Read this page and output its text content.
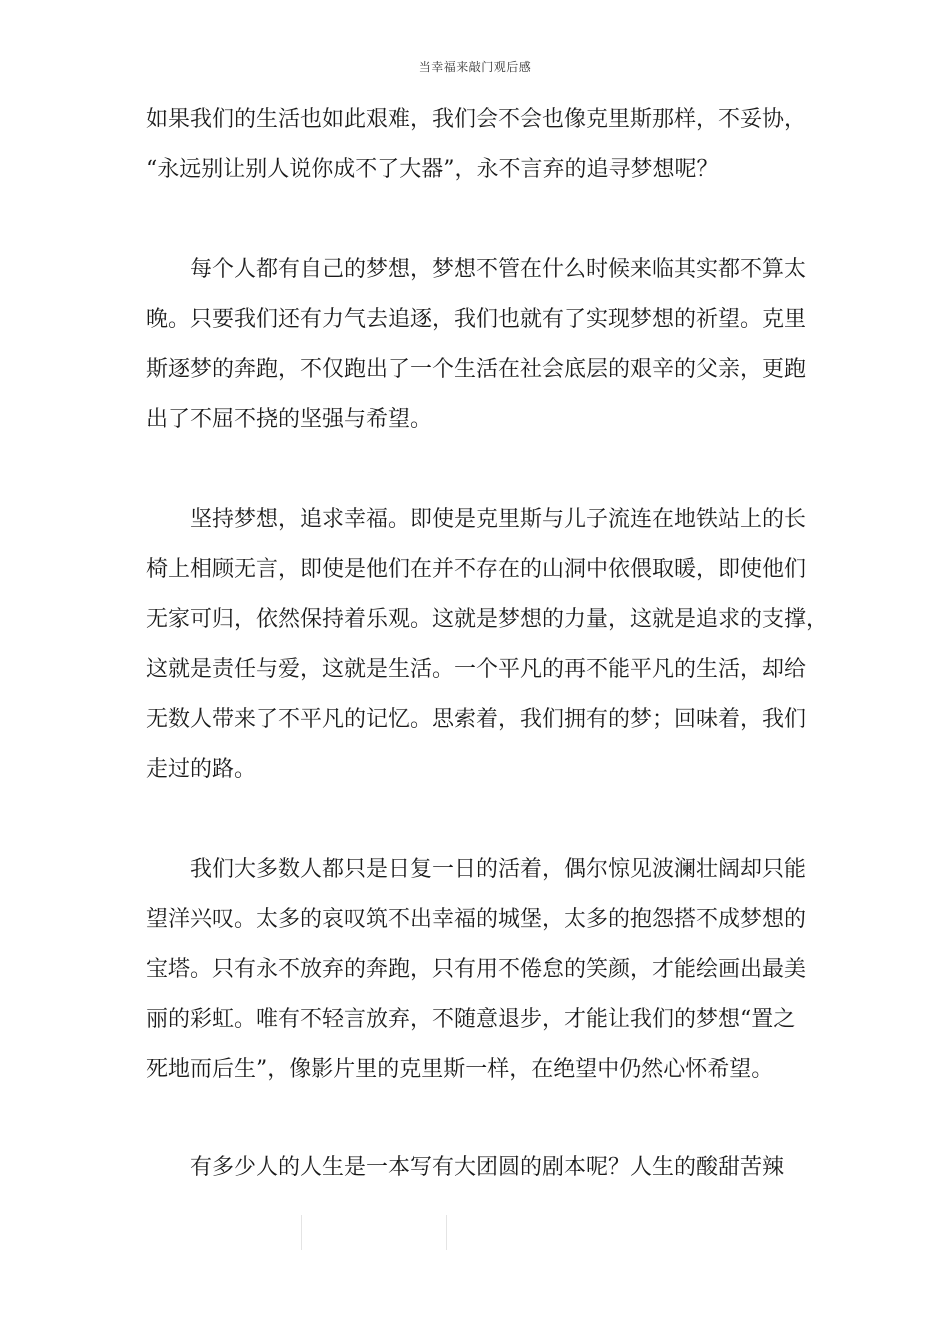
当幸福来敲门观后感

如果我们的生活也如此艰难，我们会不会也像克里斯那样，不妥协，

“永远别让别人说你成不了大器”，永不言弃的追寻梦想呢？

每个人都有自己的梦想，梦想不管在什么时候来临其实都不算太

晚。只要我们还有力气去追逐，我们也就有了实现梦想的祈望。克里

斯逐梦的奔跑，不仅跑出了一个生活在社会底层的艰辛的父亲，更跑

出了不屈不挠的坚强与希望。

坚持梦想，追求幸福。即使是克里斯与儿子流连在地铁站上的长

椅上相顾无言，即使是他们在并不存在的山洞中依偎取暖，即使他们

无家可归，依然保持着乐观。这就是梦想的力量，这就是追求的支撑，

这就是责任与爱，这就是生活。一个平凡的再不能平凡的生活，却给

无数人带来了不平凡的记忆。思索着，我们拥有的梦；回味着，我们

走过的路。

我们大多数人都只是日复一日的活着，偶尔惊见波澜壮阔却只能

望洋兴叹。太多的哀叹筑不出幸福的城堡，太多的抱怨搭不成梦想的

宝塔。只有永不放弃的奔跑，只有用不倦怠的笑颜，才能绘画出最美

丽的彩虹。唯有不轻言放弃，不随意退步，才能让我们的梦想“置之

死地而后生”，像影片里的克里斯一样，在绝望中仍然心怀希望。

有多少人的人生是一本写有大团圆的剧本呢？人生的酸甜苦辣
